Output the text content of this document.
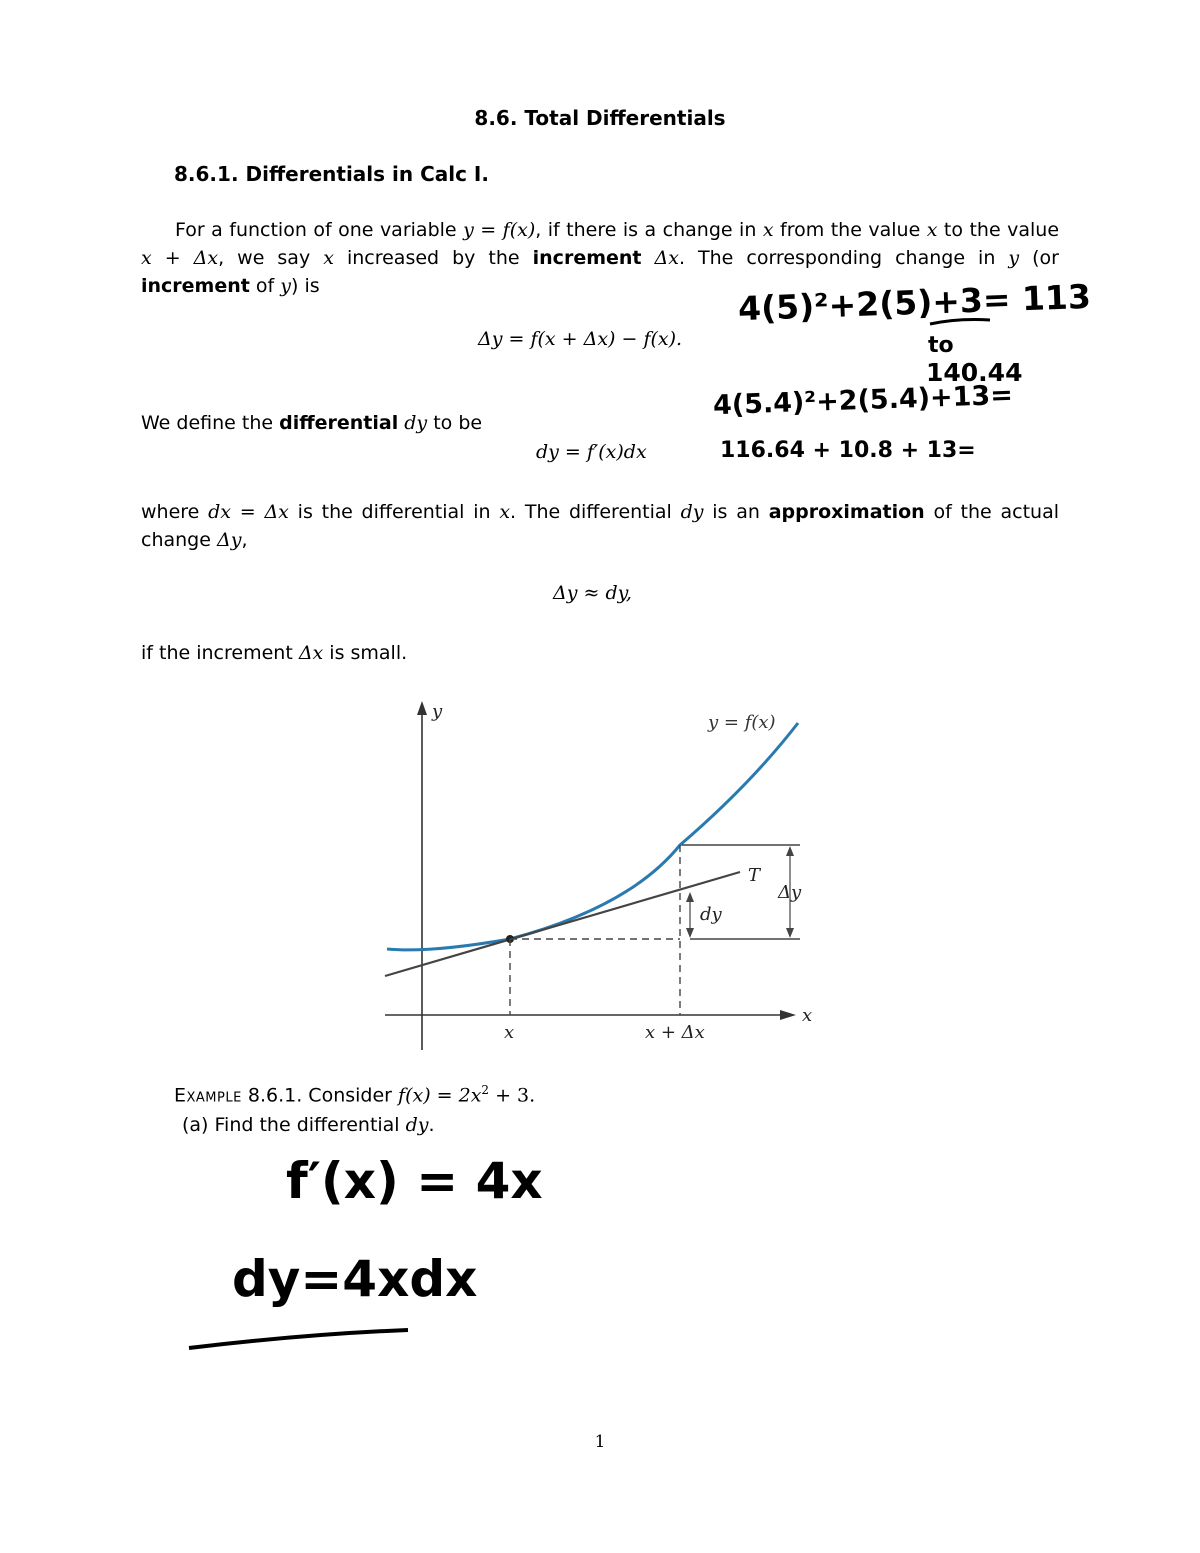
8.6. Total Differentials
8.6.1. Differentials in Calc I.
For a function of one variable y = f(x), if there is a change in x from the value x to the value x + Δx, we say x increased by the increment Δx. The corresponding change in y (or increment of y) is
Δy = f(x + Δx) − f(x).
We define the differential dy to be
dy = f′(x)dx
where dx = Δx is the differential in x. The differential dy is an approximation of the actual change Δy,
Δy ≈ dy,
if the increment Δx is small.
y
x
y = f(x)
T
dy
Δy
x	x + Δx
Example 8.6.1. Consider $f(x) = 2x^2 + 3$.
(a) Find the differential dy.
4(5)²+2(5)+3= 113
to
140.44
4(5.4)²+2(5.4)+13=
116.64 + 10.8 + 13=
f′(x) = 4x
dy=4xdx
1
